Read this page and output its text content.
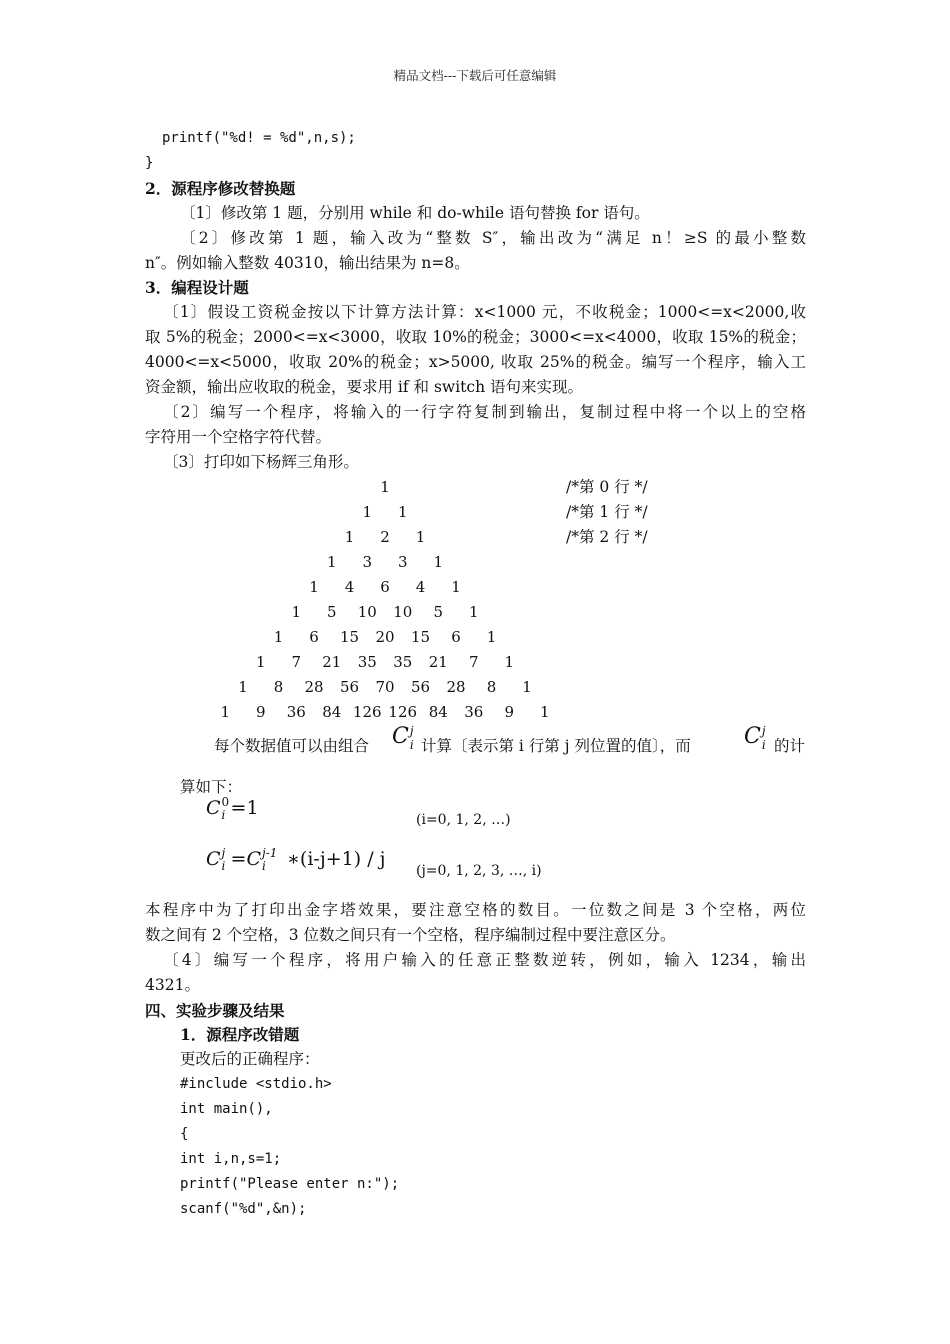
精品文档---下载后可任意编辑
printf("%d! = %d",n,s);
}
2．源程序修改替换题
〔1〕修改第 1 题，分别用 while 和 do-while 语句替换 for 语句。
〔2〕修改第 1 题，输入改为“整数 S″，输出改为“满足 n！≥S 的最小整数
n″。例如输入整数 40310，输出结果为 n=8。
3．编程设计题
〔1〕假设工资税金按以下计算方法计算：x<1000 元，不收税金；1000<=x<2000,收
取 5%的税金；2000<=x<3000，收取 10%的税金；3000<=x<4000，收取 15%的税金；
4000<=x<5000，收取 20%的税金；x>5000, 收取 25%的税金。编写一个程序，输入工
资金额，输出应收取的税金，要求用 if 和 switch 语句来实现。
〔2〕编写一个程序，将输入的一行字符复制到输出，复制过程中将一个以上的空格
字符用一个空格字符代替。
〔3〕打印如下杨辉三角形。
1
1 1
1 2 1
1 3 3 1
1 4 6 4 1
1 5 10 10 5 1
1 6 15 20 15 6 1
1 7 21 35 35 21 7 1
1 8 28 56 70 56 28 8 1
1 9 36 84 126 126 84 36 9 1
/*第 0 行 */
/*第 1 行 */
/*第 2 行 */
每个数据值可以由组合 C j
i 计算〔表示第 i 行第 j 列位置的值〕，而 C j
i 的计
算如下：
C 0
i =1
(i=0, 1, 2, …)
C j
i =C j-1
i ∗(i-j+1) / j
(j=0, 1, 2, 3, …, i)
本程序中为了打印出金字塔效果，要注意空格的数目。一位数之间是 3 个空格，两位
数之间有 2 个空格，3 位数之间只有一个空格，程序编制过程中要注意区分。
〔4〕编写一个程序，将用户输入的任意正整数逆转，例如，输入 1234，输出
4321。
四、实验步骤及结果
1．源程序改错题
更改后的正确程序：
#include <stdio.h>
int main(),
{
int i,n,s=1;
printf("Please enter n:");
scanf("%d",&n);
